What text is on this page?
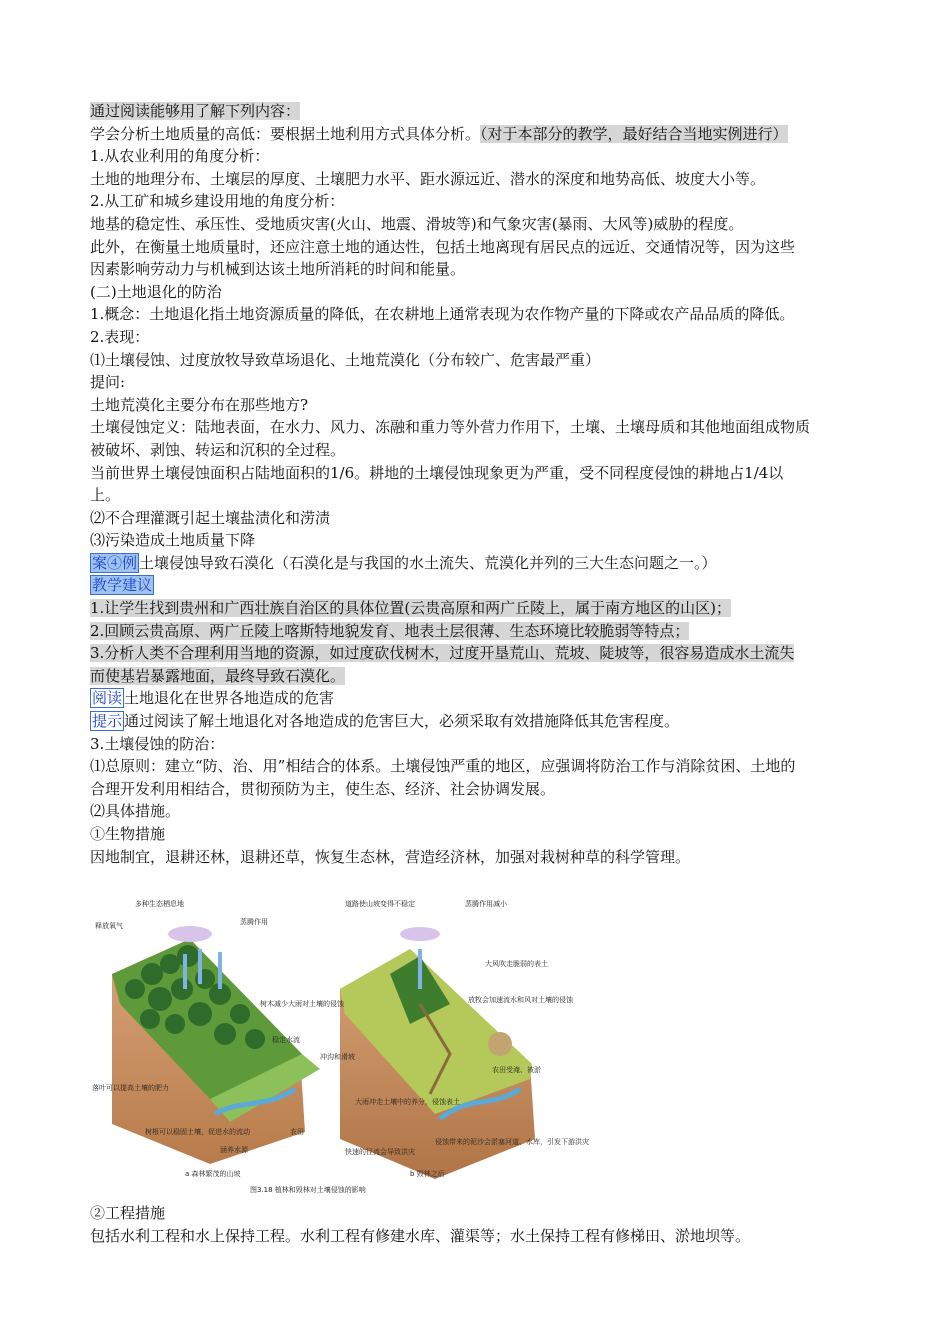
通过阅读能够用了解下列内容：
学会分析土地质量的高低：要根据土地利用方式具体分析。（对于本部分的教学，最好结合当地实例进行）
1.从农业利用的角度分析：
土地的地理分布、土壤层的厚度、土壤肥力水平、距水源远近、潜水的深度和地势高低、坡度大小等。
2.从工矿和城乡建设用地的角度分析：
地基的稳定性、承压性、受地质灾害(火山、地震、滑坡等)和气象灾害(暴雨、大风等)威胁的程度。
此外，在衡量土地质量时，还应注意土地的通达性，包括土地离现有居民点的远近、交通情况等，因为这些
因素影响劳动力与机械到达该土地所消耗的时间和能量。
(二)土地退化的防治
1.概念：土地退化指土地资源质量的降低，在农耕地上通常表现为农作物产量的下降或农产品品质的降低。
2.表现：
⑴土壤侵蚀、过度放牧导致草场退化、土地荒漠化（分布较广、危害最严重）
提问:
土地荒漠化主要分布在那些地方?
土壤侵蚀定义：陆地表面，在水力、风力、冻融和重力等外营力作用下，土壤、土壤母质和其他地面组成物质
被破坏、剥蚀、转运和沉积的全过程。
当前世界土壤侵蚀面积占陆地面积的1/6。耕地的土壤侵蚀现象更为严重，受不同程度侵蚀的耕地占1/4以
上。
⑵不合理灌溉引起土壤盐渍化和涝渍
⑶污染造成土地质量下降
案④例 土壤侵蚀导致石漠化（石漠化是与我国的水土流失、荒漠化并列的三大生态问题之一。）
教学建议
1.让学生找到贵州和广西壮族自治区的具体位置(云贵高原和两广丘陵上，属于南方地区的山区)；
2.回顾云贵高原、两广丘陵上喀斯特地貌发育、地表土层很薄、生态环境比较脆弱等特点；
3.分析人类不合理利用当地的资源，如过度砍伐树木，过度开垦荒山、荒坡、陡坡等，很容易造成水土流失
而使基岩暴露地面，最终导致石漠化。
阅读 土地退化在世界各地造成的危害
提示 通过阅读了解土地退化对各地造成的危害巨大，必须采取有效措施降低其危害程度。
3.土壤侵蚀的防治：
⑴总原则：建立“防、治、用”相结合的体系。土壤侵蚀严重的地区，应强调将防治工作与消除贫困、土地的
合理开发利用相结合，贯彻预防为主，使生态、经济、社会协调发展。
⑵具体措施。
①生物措施
因地制宜，退耕还林，退耕还草，恢复生态林，营造经济林，加强对栽树种草的科学管理。
多种生态栖息地
释放氧气	蒸腾作用
树木减少大雨对土壤的侵蚀
稳定水流
落叶可以提高土壤的肥力
树根可以稳固土壤，促进水的流动
涵养水源
农田
道路使山坡变得不稳定	蒸腾作用减小
大风吹走脆弱的表土
放牧会加速流水和风对土壤的侵蚀
冲沟和滑坡
农田受淹、被淤
大雨冲走土壤中的养分，侵蚀表土
快速的径流会导致洪灾
侵蚀带来的泥沙会淤塞河道、水库，引发下游洪灾
a 森林繁茂的山坡	b 毁林之后
图3.18 植林和毁林对土壤侵蚀的影响
②工程措施
包括水利工程和水上保持工程。水利工程有修建水库、灌渠等；水土保持工程有修梯田、淤地坝等。
